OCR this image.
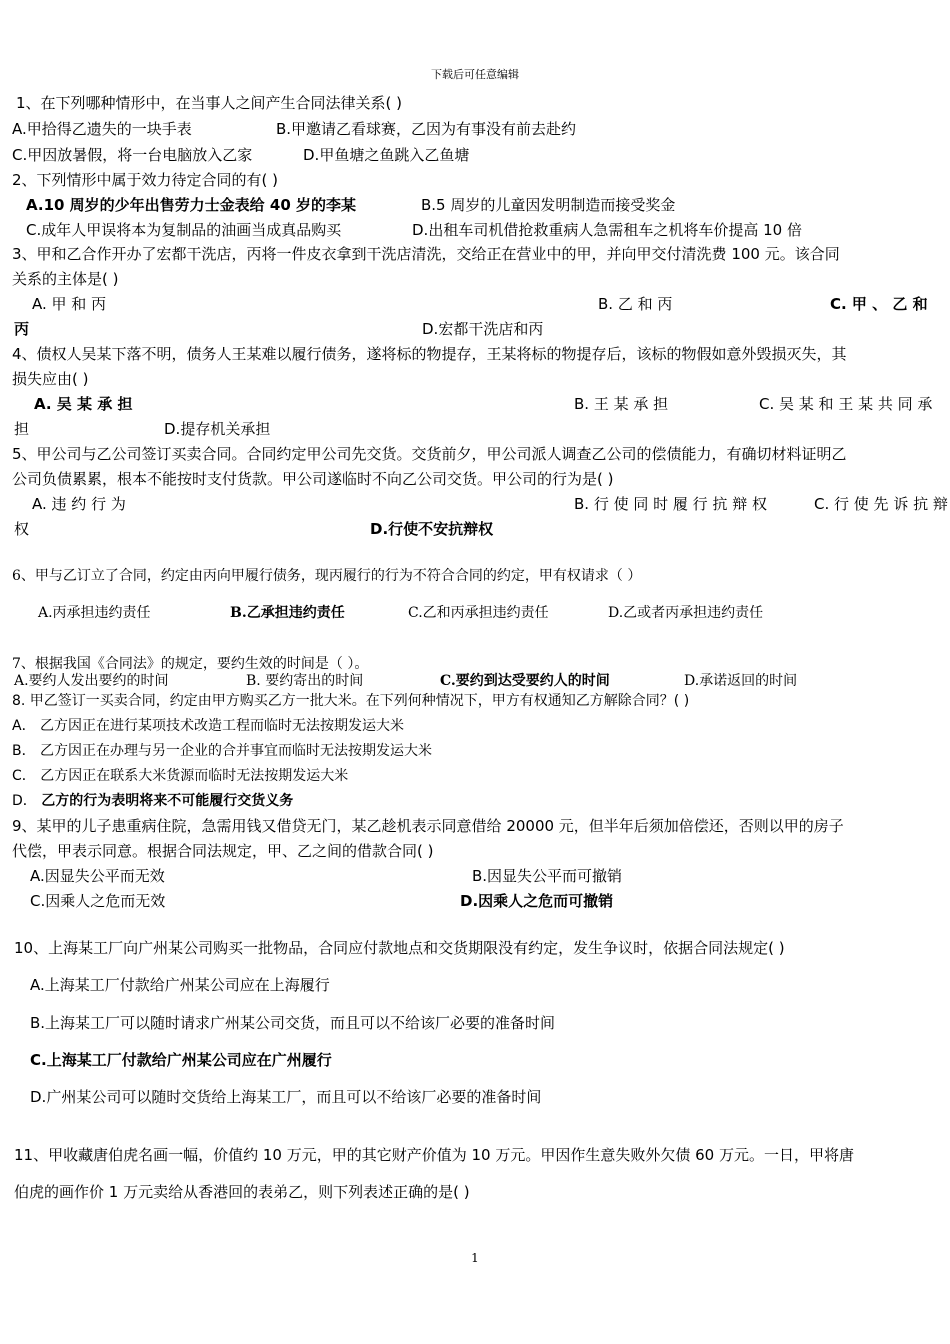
下载后可任意编辑
1、在下列哪种情形中，在当事人之间产生合同法律关系( )
A.甲拾得乙遗失的一块手表	B.甲邀请乙看球赛，乙因为有事没有前去赴约
C.甲因放暑假，将一台电脑放入乙家	D.甲鱼塘之鱼跳入乙鱼塘
2、下列情形中属于效力待定合同的有( )
A.10 周岁的少年出售劳力士金表给 40 岁的李某	B.5 周岁的儿童因发明制造而接受奖金
C.成年人甲误将本为复制品的油画当成真品购买	D.出租车司机借抢救重病人急需租车之机将车价提高 10 倍
3、甲和乙合作开办了宏都干洗店，丙将一件皮衣拿到干洗店清洗，交给正在营业中的甲，并向甲交付清洗费 100 元。该合同
关系的主体是( )
A. 甲 和 丙	B. 乙 和 丙	C. 甲 、 乙 和
丙	D.宏都干洗店和丙
4、债权人吴某下落不明，债务人王某难以履行债务，遂将标的物提存，王某将标的物提存后，该标的物假如意外毁损灭失，其
损失应由( )
A. 吴 某 承 担	B. 王 某 承 担	C. 吴 某 和 王 某 共 同 承
担	D.提存机关承担
5、甲公司与乙公司签订买卖合同。合同约定甲公司先交货。交货前夕，甲公司派人调查乙公司的偿债能力，有确切材料证明乙
公司负债累累，根本不能按时支付货款。甲公司遂临时不向乙公司交货。甲公司的行为是( )
A. 违 约 行 为	B. 行 使 同 时 履 行 抗 辩 权	C. 行 使 先 诉 抗 辩
权	D.行使不安抗辩权
6、甲与乙订立了合同，约定由丙向甲履行债务，现丙履行的行为不符合合同的约定，甲有权请求（ ）
A.丙承担违约责任	B.乙承担违约责任	C.乙和丙承担违约责任	D.乙或者丙承担违约责任
7、根据我国《合同法》的规定，要约生效的时间是（ ）。
A.要约人发出要约的时间	B. 要约寄出的时间	C.要约到达受要约人的时间	D.承诺返回的时间
8. 甲乙签订一买卖合同，约定由甲方购买乙方一批大米。在下列何种情况下，甲方有权通知乙方解除合同？( )
A． 乙方因正在进行某项技术改造工程而临时无法按期发运大米
B． 乙方因正在办理与另一企业的合并事宜而临时无法按期发运大米
C． 乙方因正在联系大米货源而临时无法按期发运大米
D． 乙方的行为表明将来不可能履行交货义务
9、某甲的儿子患重病住院，急需用钱又借贷无门，某乙趁机表示同意借给 20000 元，但半年后须加倍偿还，否则以甲的房子
代偿，甲表示同意。根据合同法规定，甲、乙之间的借款合同( )
A.因显失公平而无效	B.因显失公平而可撤销
C.因乘人之危而无效	D.因乘人之危而可撤销
10、上海某工厂向广州某公司购买一批物品，合同应付款地点和交货期限没有约定，发生争议时，依据合同法规定( )
A.上海某工厂付款给广州某公司应在上海履行
B.上海某工厂可以随时请求广州某公司交货，而且可以不给该厂必要的准备时间
C.上海某工厂付款给广州某公司应在广州履行
D.广州某公司可以随时交货给上海某工厂，而且可以不给该厂必要的准备时间
11、甲收藏唐伯虎名画一幅，价值约 10 万元，甲的其它财产价值为 10 万元。甲因作生意失败外欠债 60 万元。一日，甲将唐
伯虎的画作价 1 万元卖给从香港回的表弟乙，则下列表述正确的是( )
1
